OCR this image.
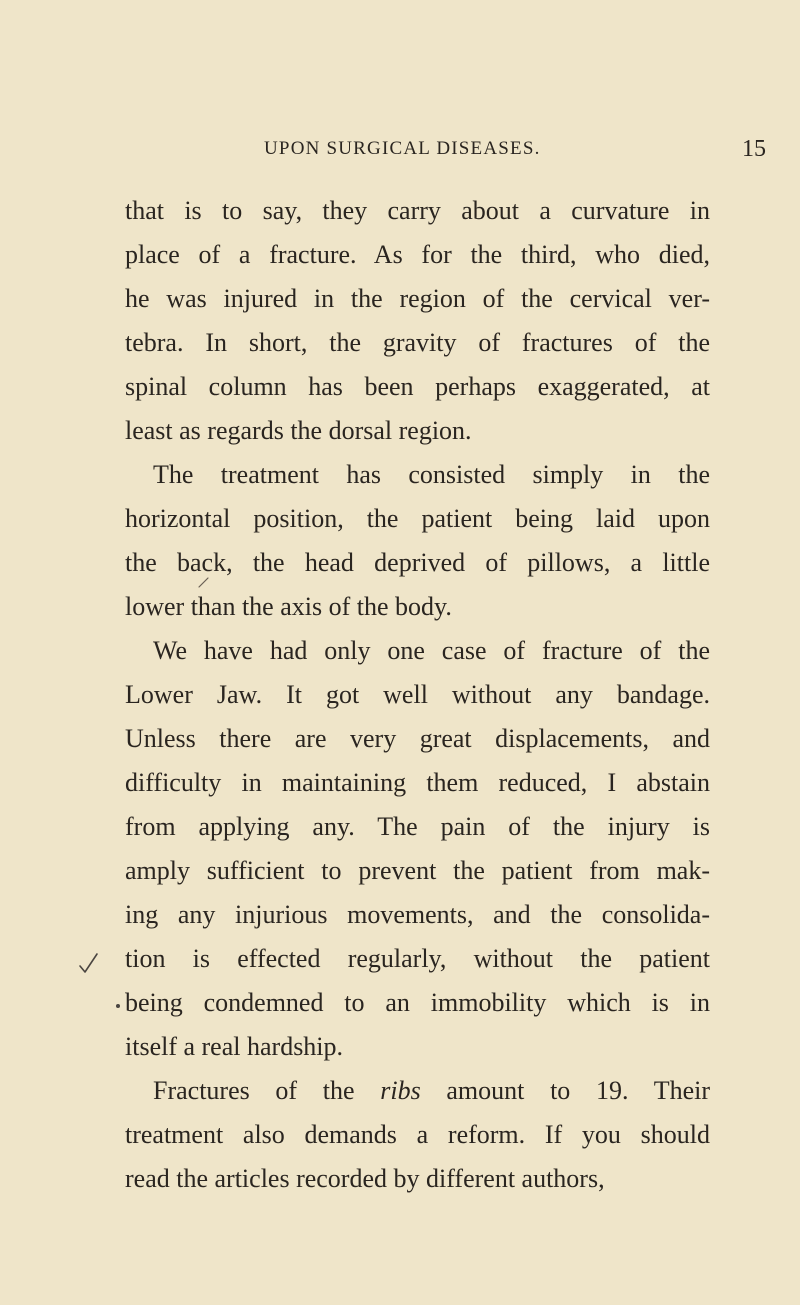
UPON SURGICAL DISEASES.	15
that is to say, they carry about a curvature in
place of a fracture. As for the third, who died,
he was injured in the region of the cervical ver-
tebra. In short, the gravity of fractures of the
spinal column has been perhaps exaggerated, at
least as regards the dorsal region.
The treatment has consisted simply in the
horizontal position, the patient being laid upon
the back, the head deprived of pillows, a little
lower than the axis of the body.
We have had only one case of fracture of the
Lower Jaw. It got well without any bandage.
Unless there are very great displacements, and
difficulty in maintaining them reduced, I abstain
from applying any. The pain of the injury is
amply sufficient to prevent the patient from mak-
ing any injurious movements, and the consolida-
tion is effected regularly, without the patient
being condemned to an immobility which is in
itself a real hardship.
Fractures of the ribs amount to 19. Their
treatment also demands a reform. If you should
read the articles recorded by different authors,
